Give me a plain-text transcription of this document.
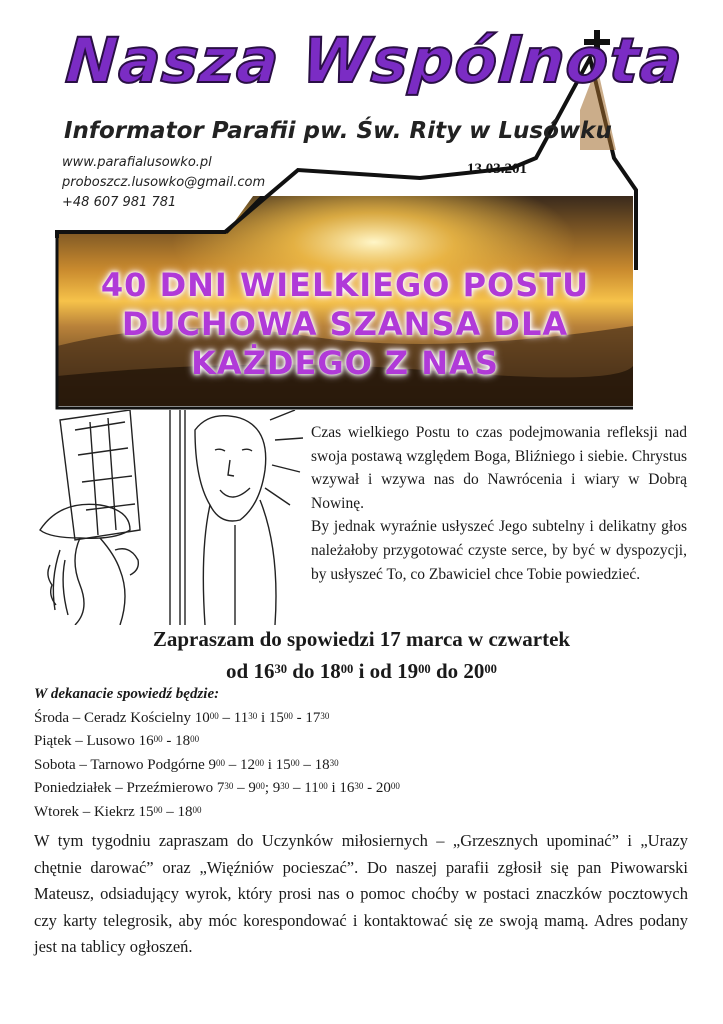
Nasza Wspólnota
Informator Parafii pw. Św. Rity w Lusówku
www.parafialusowko.pl
proboszcz.lusowko@gmail.com
+48 607 981 781
13.03.201
40 DNI WIELKIEGO POSTU
DUCHOWA SZANSA DLA
KAŻDEGO Z NAS

Czas wielkiego Postu to czas podejmowania refleksji nad swoja postawą względem Boga, Bliźniego i siebie. Chrystus wzywał i wzywa nas do Nawrócenia i wiary w Dobrą Nowinę.

By jednak wyraźnie usłyszeć Jego subtelny i delikatny głos należałoby przygotować czyste serce, by być w dyspozycji, by usłyszeć To, co Zbawiciel chce Tobie powiedzieć.

Zapraszam do spowiedzi 17 marca w czwartek
od $16^{30}$ do $18^{00}$ i od $19^{00}$ do $20^{00}$
W dekanacie spowiedź będzie:
Środa – Ceradz Kościelny $10^{00} - 11^{30}$ i $15^{00} - 17^{30}$
Piątek – Lusowo $16^{00} - 18^{00}$
Sobota – Tarnowo Podgórne $9^{00} - 12^{00}$ i $15^{00} - 18^{30}$
Poniedziałek – Przeźmierowo $7^{30} - 9^{00}$; $9^{30} - 11^{00}$ i $16^{30} - 20^{00}$
Wtorek – Kiekrz $15^{00} - 18^{00}$

W tym tygodniu zapraszam do Uczynków miłosiernych – „Grzesznych upominać” i „Urazy chętnie darować” oraz „Więźniów pocieszać”. Do naszej parafii zgłosił się pan Piwowarski Mateusz, odsiadujący wyrok, który prosi nas o pomoc choćby w postaci znaczków pocztowych czy karty telegrosik, aby móc korespondować i kontaktować się ze swoją mamą. Adres podany jest na tablicy ogłoszeń.
